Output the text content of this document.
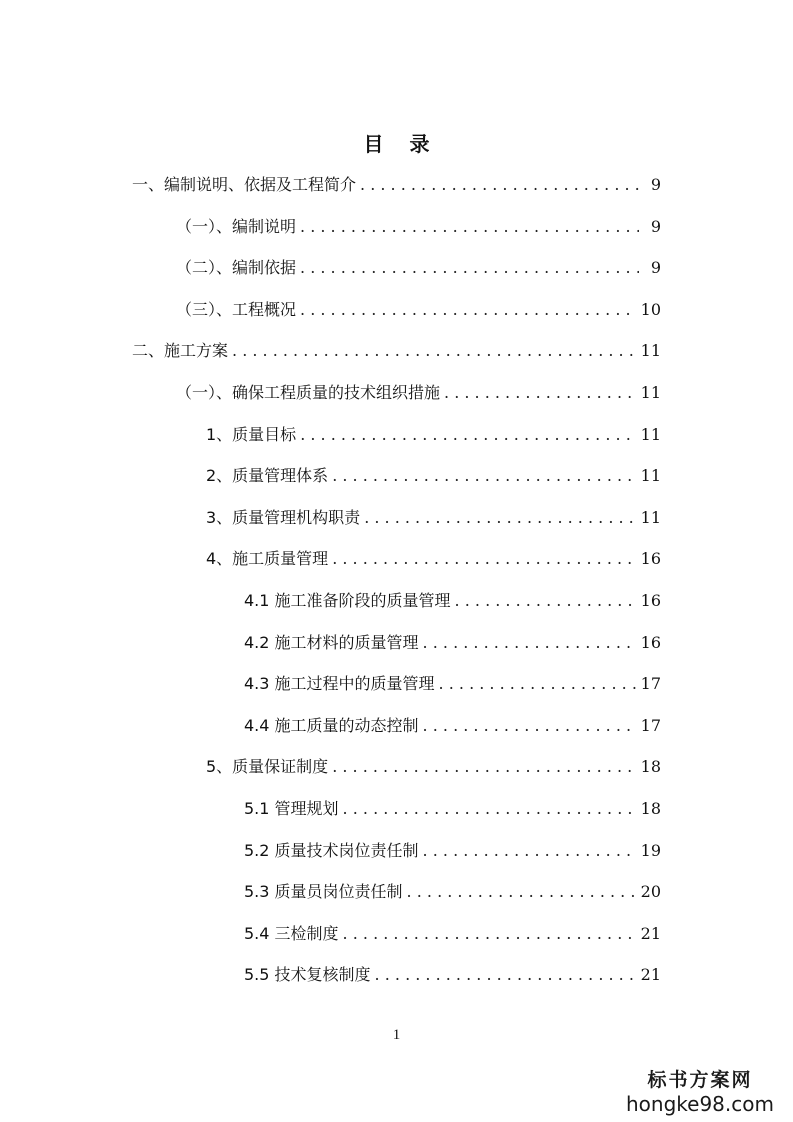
目 录
一、编制说明、依据及工程简介 . . .	9
（一）、编制说明 . . .	9
（二）、编制依据 . . .	9
（三）、工程概况 . . .	10
二、施工方案 . . .	11
（一）、确保工程质量的技术组织措施 . . .	11
1、质量目标 . . .	11
2、质量管理体系 . . .	11
3、质量管理机构职责 . . .	11
4、施工质量管理 . . .	16
4.1 施工准备阶段的质量管理 . . .	16
4.2 施工材料的质量管理 . . .	16
4.3 施工过程中的质量管理 . . .	17
4.4 施工质量的动态控制 . . .	17
5、质量保证制度 . . .	18
5.1 管理规划 . . .	18
5.2 质量技术岗位责任制 . . .	19
5.3 质量员岗位责任制 . . .	20
5.4 三检制度 . . .	21
5.5 技术复核制度 . . .	21
1
标书方案网
hongke98.com
